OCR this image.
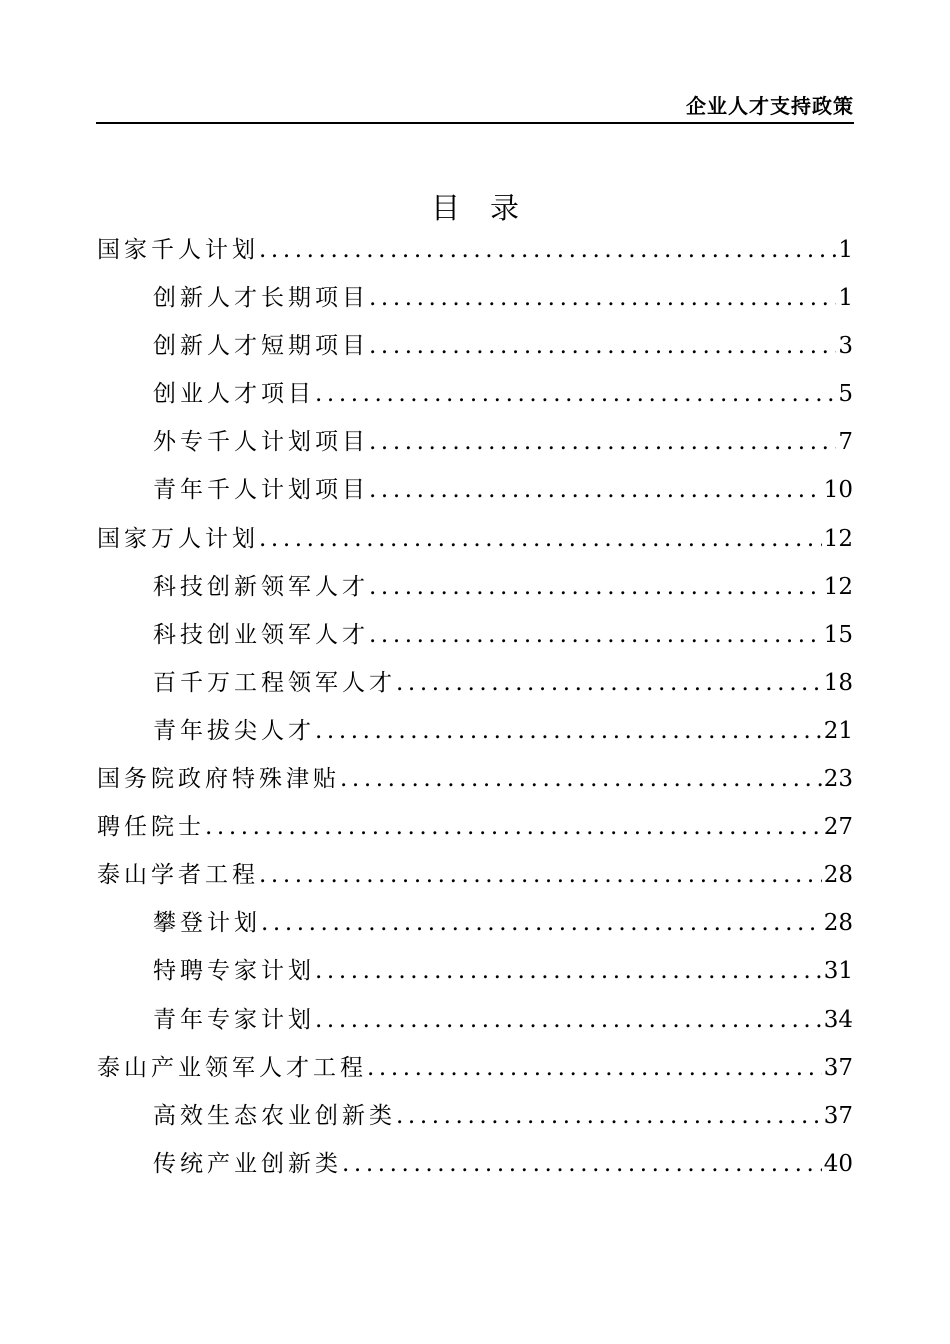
企业人才支持政策
目录
国家千人计划 .....	1
创新人才长期项目 .....	1
创新人才短期项目 .....	3
创业人才项目 .....	5
外专千人计划项目 .....	7
青年千人计划项目 .....	10
国家万人计划 .....	12
科技创新领军人才 .....	12
科技创业领军人才 .....	15
百千万工程领军人才 .....	18
青年拔尖人才 .....	21
国务院政府特殊津贴 .....	23
聘任院士 .....	27
泰山学者工程 .....	28
攀登计划 .....	28
特聘专家计划 .....	31
青年专家计划 .....	34
泰山产业领军人才工程 .....	37
高效生态农业创新类 .....	37
传统产业创新类 .....	40
